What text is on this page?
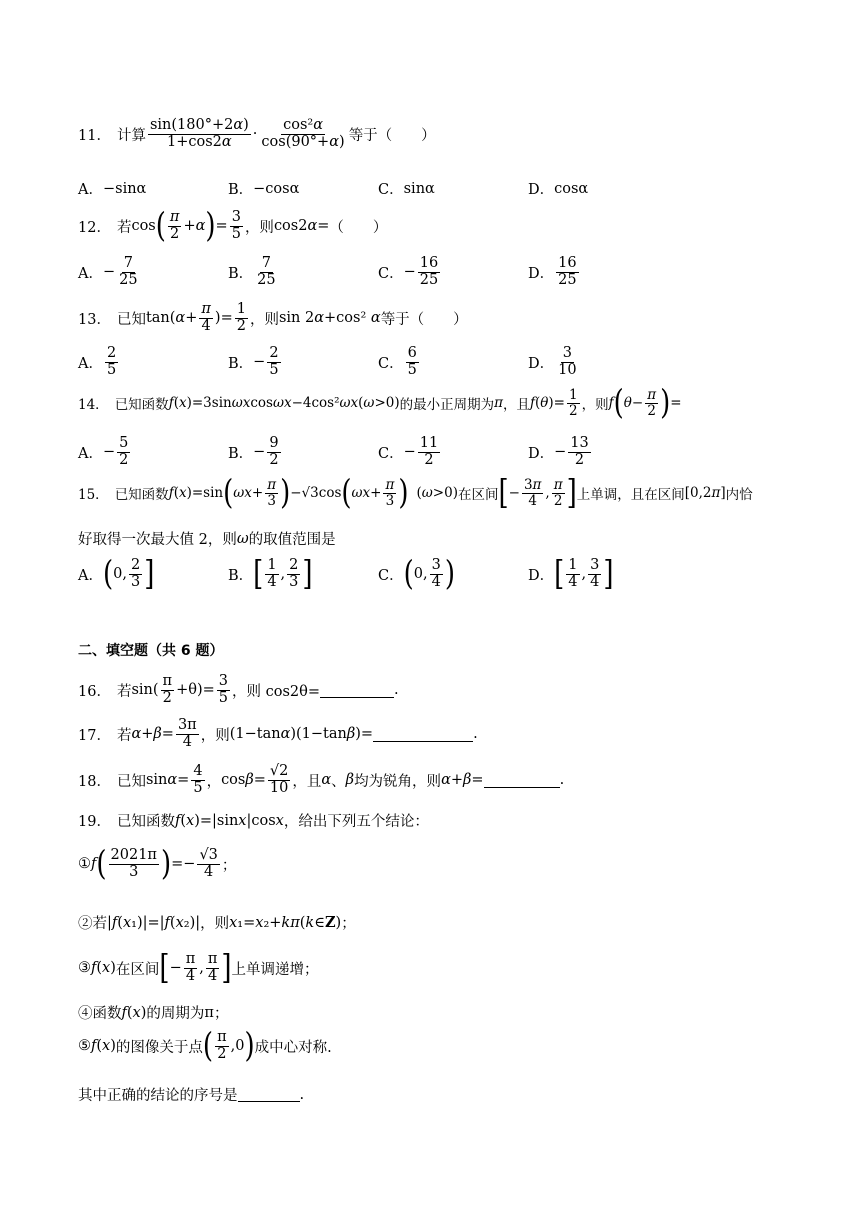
11． 计算 $\frac{\sin(180^\circ+2\alpha)}{1+\cos 2\alpha} \cdot \frac{\text{cos²α}}{\cos(90^\circ+\alpha)}$ 等于（　　）
A． −sinα	B． −cosα	C． sinα	D． cosα
12． 若 cos ( $\frac{\pi}{2} +\alpha$ ) = $\frac{3}{5}$ ，则 cos2α= （　　）
A． − $\frac{7}{25}$	B． $\frac{7}{25}$	C． − $\frac{16}{25}$	D． $\frac{16}{25}$
13． 已知 $\tan(\alpha+ \frac{\pi}{4}$ )= $\frac{1}{2}$ ，则 sin 2α+cos² α 等于（　　）
A． $\frac{2}{5}$	B． − $\frac{2}{5}$	C． $\frac{6}{5}$	D． $\frac{3}{10}$
14． 已知函数 f(x)=3sinωxcosωx−4cos²ωx(ω>0) 的最小正周期为 π ，且 $f(\theta)= \frac{1}{2}$ ，则 f ( $\theta- \frac{\pi}{2}$ ) =
A． − $\frac{5}{2}$	B． − $\frac{9}{2}$	C． − $\frac{11}{2}$	D． − $\frac{13}{2}$
15． 已知函数 f(x)=sin ( $\omega x+ \frac{\pi}{3}$ ) −√3cos ( $\omega x+ \frac{\pi}{3}$ ) (ω>0) 在区间 [ − $\frac{3\pi}{4}$ , $\frac{\pi}{2}$ ] 上单调，且在区间 [0,2π] 内恰
好取得一次最大值 2，则 ω 的取值范围是
A． ( 0 , $\frac{2}{3}$ ]	B． [ $\frac{1}{4}$ , $\frac{2}{3}$ ]	C． ( 0 , $\frac{3}{4}$ )	D． [ $\frac{1}{4}$ , $\frac{3}{4}$ ]
二、填空题（共 6 题）
16． 若 $\sin( \frac{\pi}{2} +\theta)= \frac{3}{5}$ ，则 cos2θ=	.
17． 若 $\alpha+\beta= \frac{3\pi}{4}$ ，则 (1−tanα)(1−tanβ)=	.
18． 已知 $\sin\alpha= \frac{4}{5}$ ， $\cos\beta= \frac{√2}{10}$ ，且 α 、 β 均为锐角，则 α+β=	.
19． 已知函数 f(x)=|sinx|cosx ，给出下列五个结论：
① f ( $\frac{2021\pi}{3}$ ) =− $\frac{√3}{4}$ ；
②若 |f(x₁)|=|f(x₂)| ，则 x₁=x₂+kπ(k∈Z) ；
③ f(x) 在区间 [ − $\frac{\pi}{4}$ , $\frac{\pi}{4}$ ] 上单调递增；
④函数 f(x) 的周期为 π ；
⑤ f(x) 的图像关于点 ( $\frac{\pi}{2} ,0$ ) 成中心对称.
其中正确的结论的序号是	.
